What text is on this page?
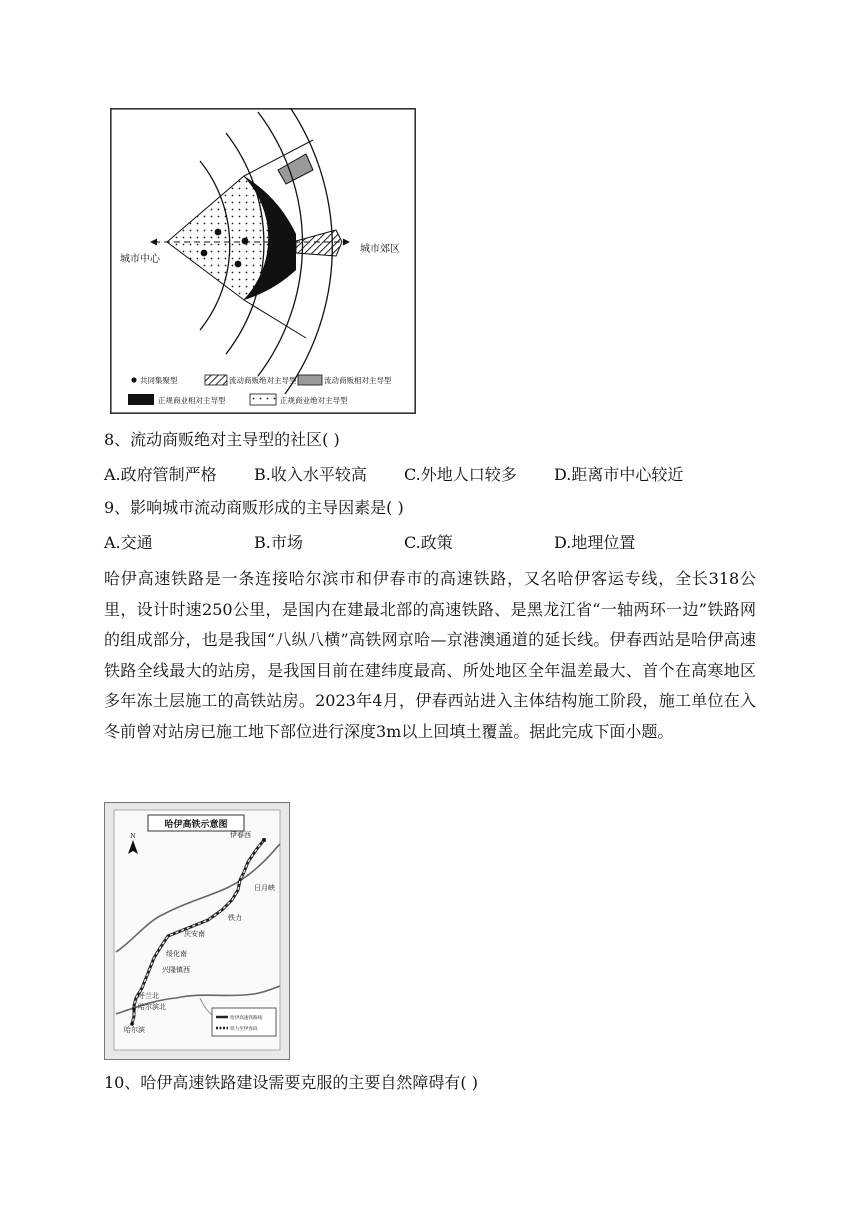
城市中心
城市郊区
共同集聚型	流动商贩绝对主导型	流动商贩相对主导型
正规商业相对主导型	正规商业绝对主导型
8、流动商贩绝对主导型的社区( )
A.政府管制严格 B.收入水平较高 C.外地人口较多 D.距离市中心较近
9、影响城市流动商贩形成的主导因素是( )
A.交通	B.市场	C.政策	D.地理位置
哈伊高速铁路是一条连接哈尔滨市和伊春市的高速铁路，又名哈伊客运专线，全长318公里，设计时速250公里，是国内在建最北部的高速铁路、是黑龙江省“一轴两环一边”铁路网的组成部分，也是我国“八纵八横”高铁网京哈—京港澳通道的延长线。伊春西站是哈伊高速铁路全线最大的站房，是我国目前在建纬度最高、所处地区全年温差最大、首个在高寒地区多年冻土层施工的高铁站房。2023年4月，伊春西站进入主体结构施工阶段，施工单位在入冬前曾对站房已施工地下部位进行深度3m以上回填土覆盖。据此完成下面小题。
哈伊高铁示意图
N	伊春西
日月峡
铁力
庆安南
绥化南
兴隆镇西
呼兰北
哈尔滨北
哈尔滨
哈伊高速铁路线
铁力至伊春段
10、哈伊高速铁路建设需要克服的主要自然障碍有( )
